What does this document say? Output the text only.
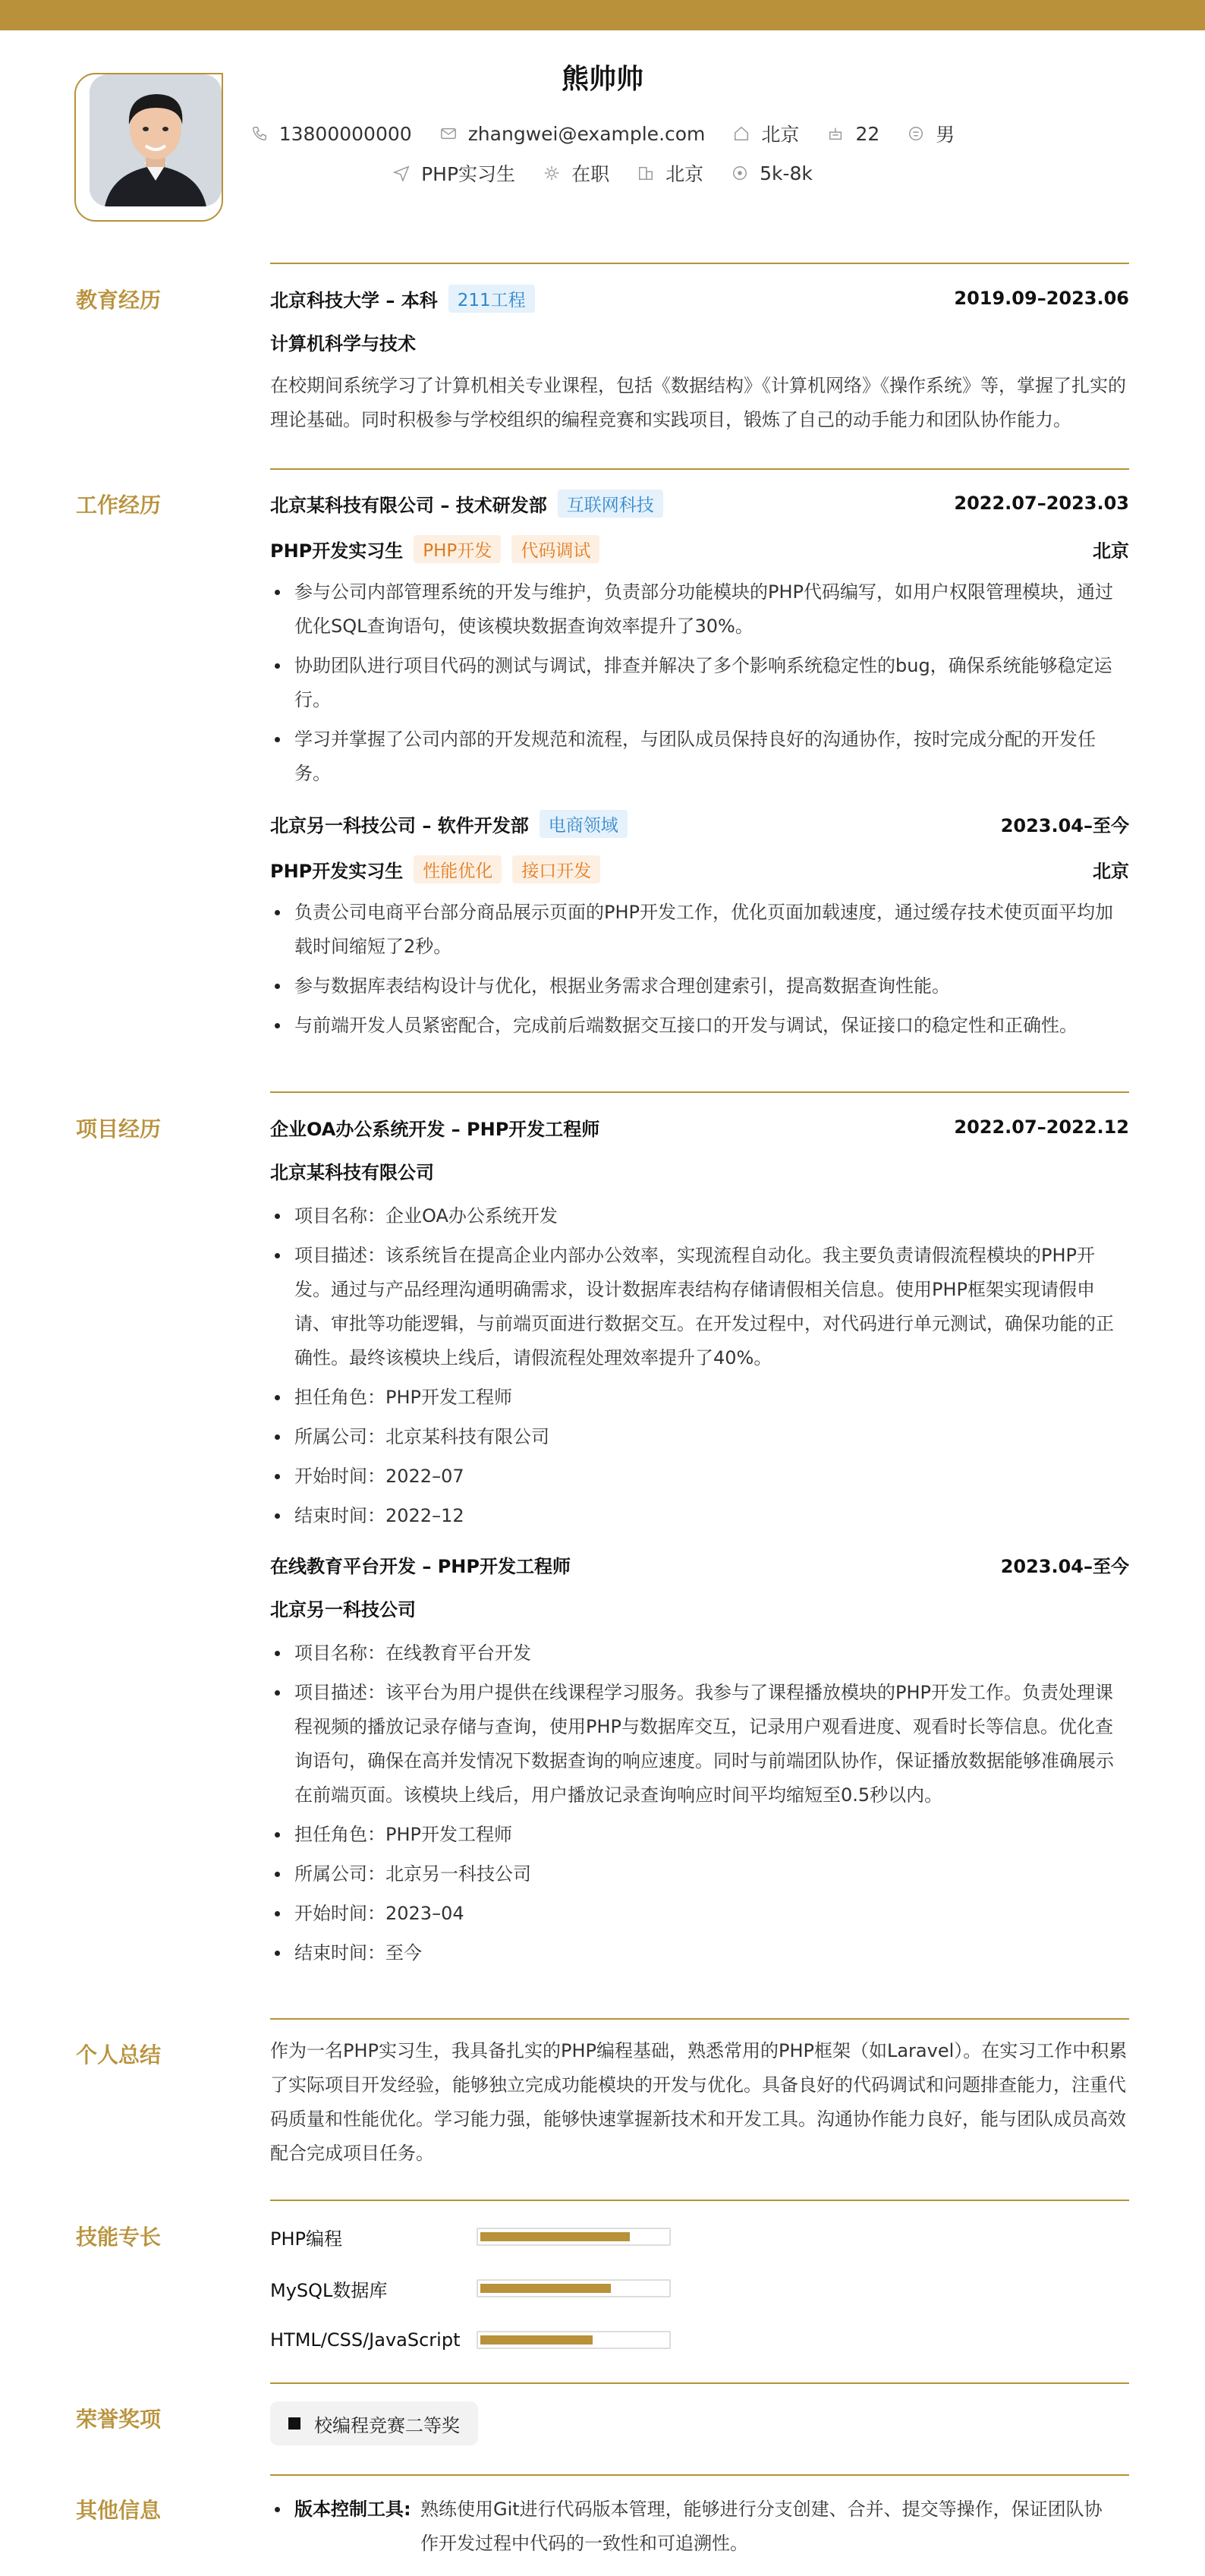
熊帅帅
13800000000	zhangwei@example.com	北京	22	男
PHP实习生	在职	北京	5k-8k
教育经历	北京科技大学 – 本科	211工程	2019.09–2023.06
计算机科学与技术
在校期间系统学习了计算机相关专业课程，包括《数据结构》《计算机网络》《操作系统》等，掌握了扎实的理论基础。同时积极参与学校组织的编程竞赛和实践项目，锻炼了自己的动手能力和团队协作能力。
工作经历	北京某科技有限公司 – 技术研发部	互联网科技	2022.07–2023.03
PHP开发实习生	PHP开发	代码调试	北京
参与公司内部管理系统的开发与维护，负责部分功能模块的PHP代码编写，如用户权限管理模块，通过优化SQL查询语句，使该模块数据查询效率提升了30%。
协助团队进行项目代码的测试与调试，排查并解决了多个影响系统稳定性的bug，确保系统能够稳定运行。
学习并掌握了公司内部的开发规范和流程，与团队成员保持良好的沟通协作，按时完成分配的开发任务。
北京另一科技公司 – 软件开发部	电商领域	2023.04–至今
PHP开发实习生	性能优化	接口开发	北京
负责公司电商平台部分商品展示页面的PHP开发工作，优化页面加载速度，通过缓存技术使页面平均加载时间缩短了2秒。
参与数据库表结构设计与优化，根据业务需求合理创建索引，提高数据查询性能。
与前端开发人员紧密配合，完成前后端数据交互接口的开发与调试，保证接口的稳定性和正确性。
项目经历	企业OA办公系统开发 – PHP开发工程师	2022.07–2022.12
北京某科技有限公司
项目名称：企业OA办公系统开发
项目描述：该系统旨在提高企业内部办公效率，实现流程自动化。我主要负责请假流程模块的PHP开发。通过与产品经理沟通明确需求，设计数据库表结构存储请假相关信息。使用PHP框架实现请假申请、审批等功能逻辑，与前端页面进行数据交互。在开发过程中，对代码进行单元测试，确保功能的正确性。最终该模块上线后，请假流程处理效率提升了40%。
担任角色：PHP开发工程师
所属公司：北京某科技有限公司
开始时间：2022–07
结束时间：2022–12
在线教育平台开发 – PHP开发工程师	2023.04–至今
北京另一科技公司
项目名称：在线教育平台开发
项目描述：该平台为用户提供在线课程学习服务。我参与了课程播放模块的PHP开发工作。负责处理课程视频的播放记录存储与查询，使用PHP与数据库交互，记录用户观看进度、观看时长等信息。优化查询语句，确保在高并发情况下数据查询的响应速度。同时与前端团队协作，保证播放数据能够准确展示在前端页面。该模块上线后，用户播放记录查询响应时间平均缩短至0.5秒以内。
担任角色：PHP开发工程师
所属公司：北京另一科技公司
开始时间：2023–04
结束时间：至今
个人总结	作为一名PHP实习生，我具备扎实的PHP编程基础，熟悉常用的PHP框架（如Laravel）。在实习工作中积累了实际项目开发经验，能够独立完成功能模块的开发与优化。具备良好的代码调试和问题排查能力，注重代码质量和性能优化。学习能力强，能够快速掌握新技术和开发工具。沟通协作能力良好，能与团队成员高效配合完成项目任务。
技能专长	PHP编程
MySQL数据库
HTML/CSS/JavaScript
荣誉奖项	校编程竞赛二等奖
其他信息	版本控制工具: 熟练使用Git进行代码版本管理，能够进行分支创建、合并、提交等操作，保证团队协作开发过程中代码的一致性和可追溯性。
